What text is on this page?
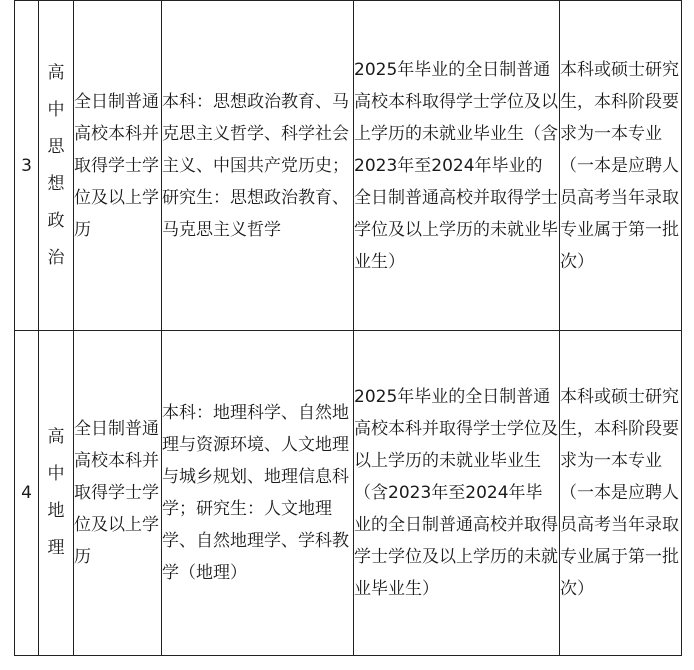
3	高中思想政治	全日制普通高校本科并取得学士学位及以上学历	本科：思想政治教育、马克思主义哲学、科学社会主义、中国共产党历史；研究生：思想政治教育、马克思主义哲学	2025年毕业的全日制普通高校本科取得学士学位及以上学历的未就业毕业生（含2023年至2024年毕业的全日制普通高校并取得学士学位及以上学历的未就业毕业生）	本科或硕士研究生，本科阶段要求为一本专业（一本是应聘人员高考当年录取专业属于第一批次）
4	高中地理	全日制普通高校本科并取得学士学位及以上学历	本科：地理科学、自然地理与资源环境、人文地理与城乡规划、地理信息科学；研究生：人文地理学、自然地理学、学科教学（地理）	2025年毕业的全日制普通高校本科并取得学士学位及以上学历的未就业毕业生（含2023年至2024年毕业的全日制普通高校并取得学士学位及以上学历的未就业毕业生）	本科或硕士研究生，本科阶段要求为一本专业（一本是应聘人员高考当年录取专业属于第一批次）
